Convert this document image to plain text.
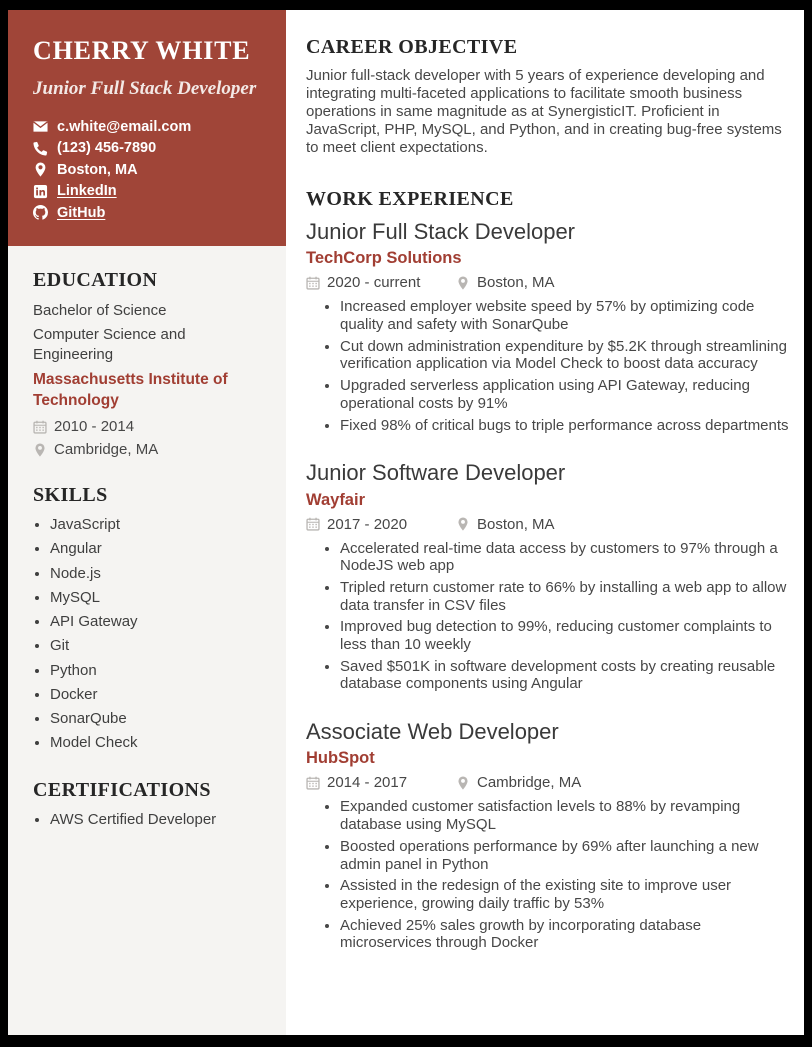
CHERRY WHITE
Junior Full Stack Developer
c.white@email.com
(123) 456-7890
Boston, MA
LinkedIn
GitHub
EDUCATION

Bachelor of Science

Computer Science and Engineering

Massachusetts Institute of Technology

2010 - 2014
Cambridge, MA
SKILLS
• JavaScript
• Angular
• Node.js
• MySQL
• API Gateway
• Git
• Python
• Docker
• SonarQube
• Model Check
CERTIFICATIONS
• AWS Certified Developer
CAREER OBJECTIVE

Junior full-stack developer with 5 years of experience developing and integrating multi-faceted applications to facilitate smooth business operations in same magnitude as at SynergisticIT. Proficient in JavaScript, PHP, MySQL, and Python, and in creating bug-free systems to meet client expectations.

WORK EXPERIENCE
Junior Full Stack Developer
TechCorp Solutions
2020 - current	Boston, MA
• Increased employer website speed by 57% by optimizing code quality and safety with SonarQube
• Cut down administration expenditure by $5.2K through streamlining verification application via Model Check to boost data accuracy
• Upgraded serverless application using API Gateway, reducing operational costs by 91%
• Fixed 98% of critical bugs to triple performance across departments
Junior Software Developer
Wayfair
2017 - 2020	Boston, MA
• Accelerated real-time data access by customers to 97% through a NodeJS web app
• Tripled return customer rate to 66% by installing a web app to allow data transfer in CSV files
• Improved bug detection to 99%, reducing customer complaints to less than 10 weekly
• Saved $501K in software development costs by creating reusable database components using Angular
Associate Web Developer
HubSpot
2014 - 2017	Cambridge, MA
• Expanded customer satisfaction levels to 88% by revamping database using MySQL
• Boosted operations performance by 69% after launching a new admin panel in Python
• Assisted in the redesign of the existing site to improve user experience, growing daily traffic by 53%
• Achieved 25% sales growth by incorporating database microservices through Docker
